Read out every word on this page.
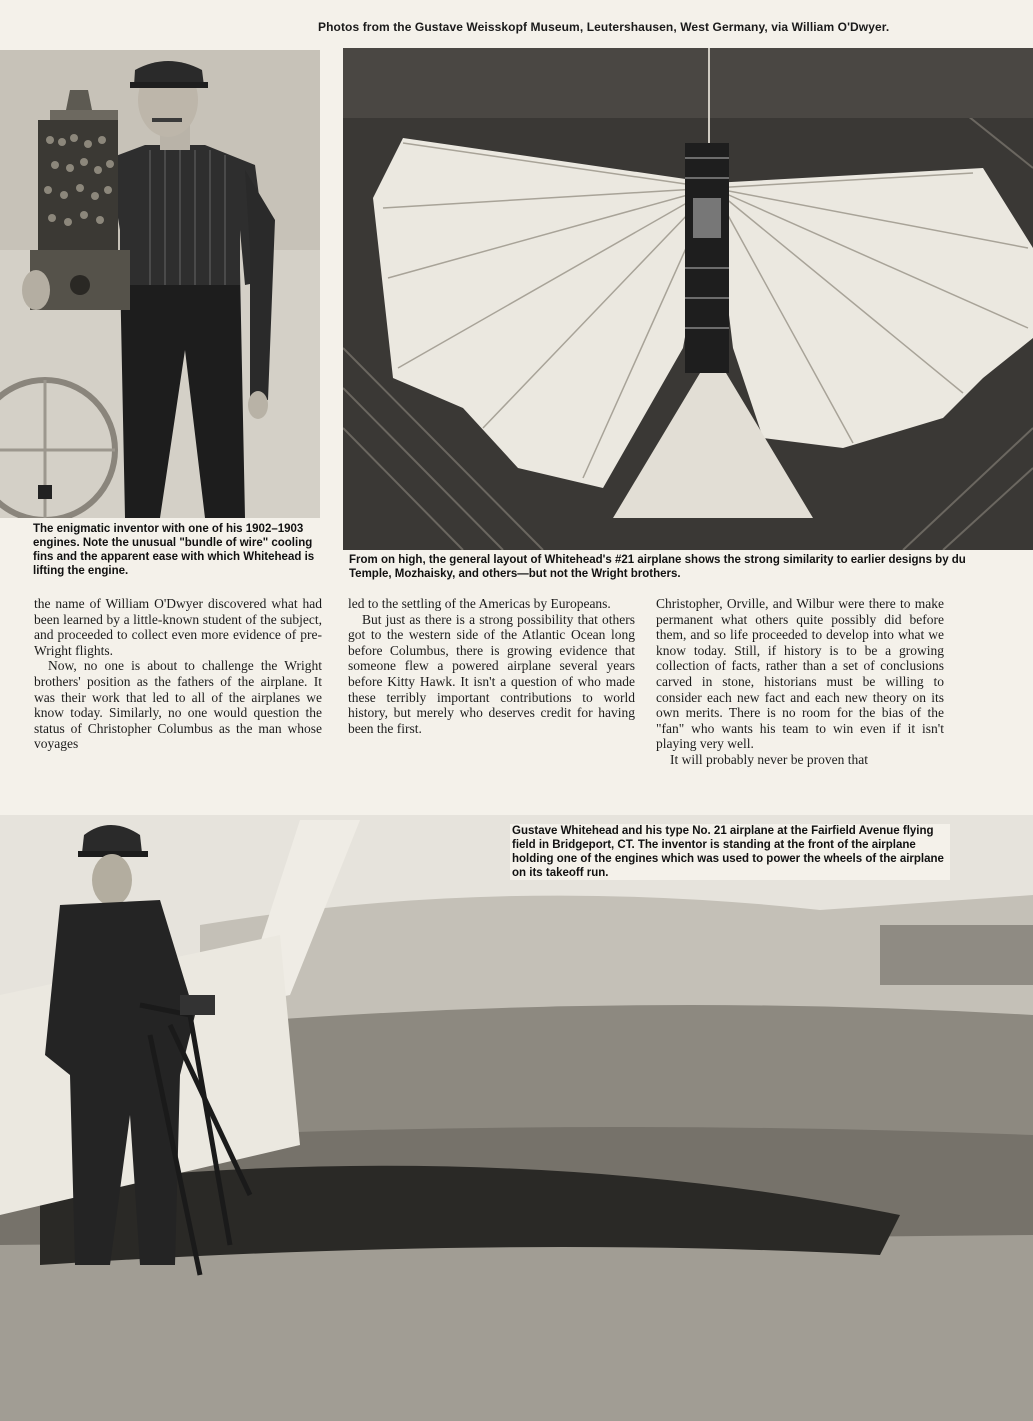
Photos from the Gustave Weisskopf Museum, Leutershausen, West Germany, via William O'Dwyer.
The enigmatic inventor with one of his 1902–1903 engines. Note the unusual "bundle of wire" cooling fins and the apparent ease with which Whitehead is lifting the engine.
From on high, the general layout of Whitehead's #21 airplane shows the strong similarity to earlier designs by du Temple, Mozhaisky, and others—but not the Wright brothers.

the name of William O'Dwyer discovered what had been learned by a little-known student of the subject, and proceeded to collect even more evidence of pre-Wright flights.

Now, no one is about to challenge the Wright brothers' position as the fathers of the airplane. It was their work that led to all of the airplanes we know today. Similarly, no one would question the status of Christopher Columbus as the man whose voyages

led to the settling of the Americas by Europeans.

But just as there is a strong possibility that others got to the western side of the Atlantic Ocean long before Columbus, there is growing evidence that someone flew a powered airplane several years before Kitty Hawk. It isn't a question of who made these terribly important contributions to world history, but merely who deserves credit for having been the first.

Christopher, Orville, and Wilbur were there to make permanent what others quite possibly did before them, and so life proceeded to develop into what we know today. Still, if history is to be a growing collection of facts, rather than a set of conclusions carved in stone, historians must be willing to consider each new fact and each new theory on its own merits. There is no room for the bias of the "fan" who wants his team to win even if it isn't playing very well.

It will probably never be proven that

Gustave Whitehead and his type No. 21 airplane at the Fairfield Avenue flying field in Bridgeport, CT. The inventor is standing at the front of the airplane holding one of the engines which was used to power the wheels of the airplane on its takeoff run.
